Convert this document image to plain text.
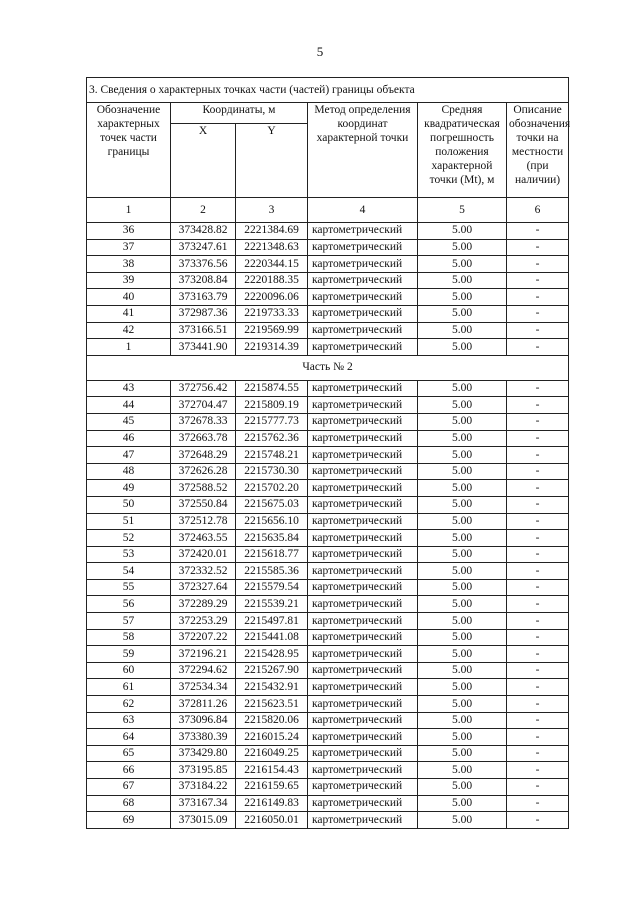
5
3. Сведения о характерных точках части (частей) границы объекта					
Обозначение характерных точек части границы	Координаты, м		Метод определения координат характерной точки	Средняя квадратическая погрешность положения характерной точки (Mt), м	Описание обозначения точки на местности (при наличии)
	X	Y			
1	2	3	4	5	6
36	373428.82	2221384.69	картометрический	5.00	-
37	373247.61	2221348.63	картометрический	5.00	-
38	373376.56	2220344.15	картометрический	5.00	-
39	373208.84	2220188.35	картометрический	5.00	-
40	373163.79	2220096.06	картометрический	5.00	-
41	372987.36	2219733.33	картометрический	5.00	-
42	373166.51	2219569.99	картометрический	5.00	-
1	373441.90	2219314.39	картометрический	5.00	-
Часть № 2					
43	372756.42	2215874.55	картометрический	5.00	-
44	372704.47	2215809.19	картометрический	5.00	-
45	372678.33	2215777.73	картометрический	5.00	-
46	372663.78	2215762.36	картометрический	5.00	-
47	372648.29	2215748.21	картометрический	5.00	-
48	372626.28	2215730.30	картометрический	5.00	-
49	372588.52	2215702.20	картометрический	5.00	-
50	372550.84	2215675.03	картометрический	5.00	-
51	372512.78	2215656.10	картометрический	5.00	-
52	372463.55	2215635.84	картометрический	5.00	-
53	372420.01	2215618.77	картометрический	5.00	-
54	372332.52	2215585.36	картометрический	5.00	-
55	372327.64	2215579.54	картометрический	5.00	-
56	372289.29	2215539.21	картометрический	5.00	-
57	372253.29	2215497.81	картометрический	5.00	-
58	372207.22	2215441.08	картометрический	5.00	-
59	372196.21	2215428.95	картометрический	5.00	-
60	372294.62	2215267.90	картометрический	5.00	-
61	372534.34	2215432.91	картометрический	5.00	-
62	372811.26	2215623.51	картометрический	5.00	-
63	373096.84	2215820.06	картометрический	5.00	-
64	373380.39	2216015.24	картометрический	5.00	-
65	373429.80	2216049.25	картометрический	5.00	-
66	373195.85	2216154.43	картометрический	5.00	-
67	373184.22	2216159.65	картометрический	5.00	-
68	373167.34	2216149.83	картометрический	5.00	-
69	373015.09	2216050.01	картометрический	5.00	-
